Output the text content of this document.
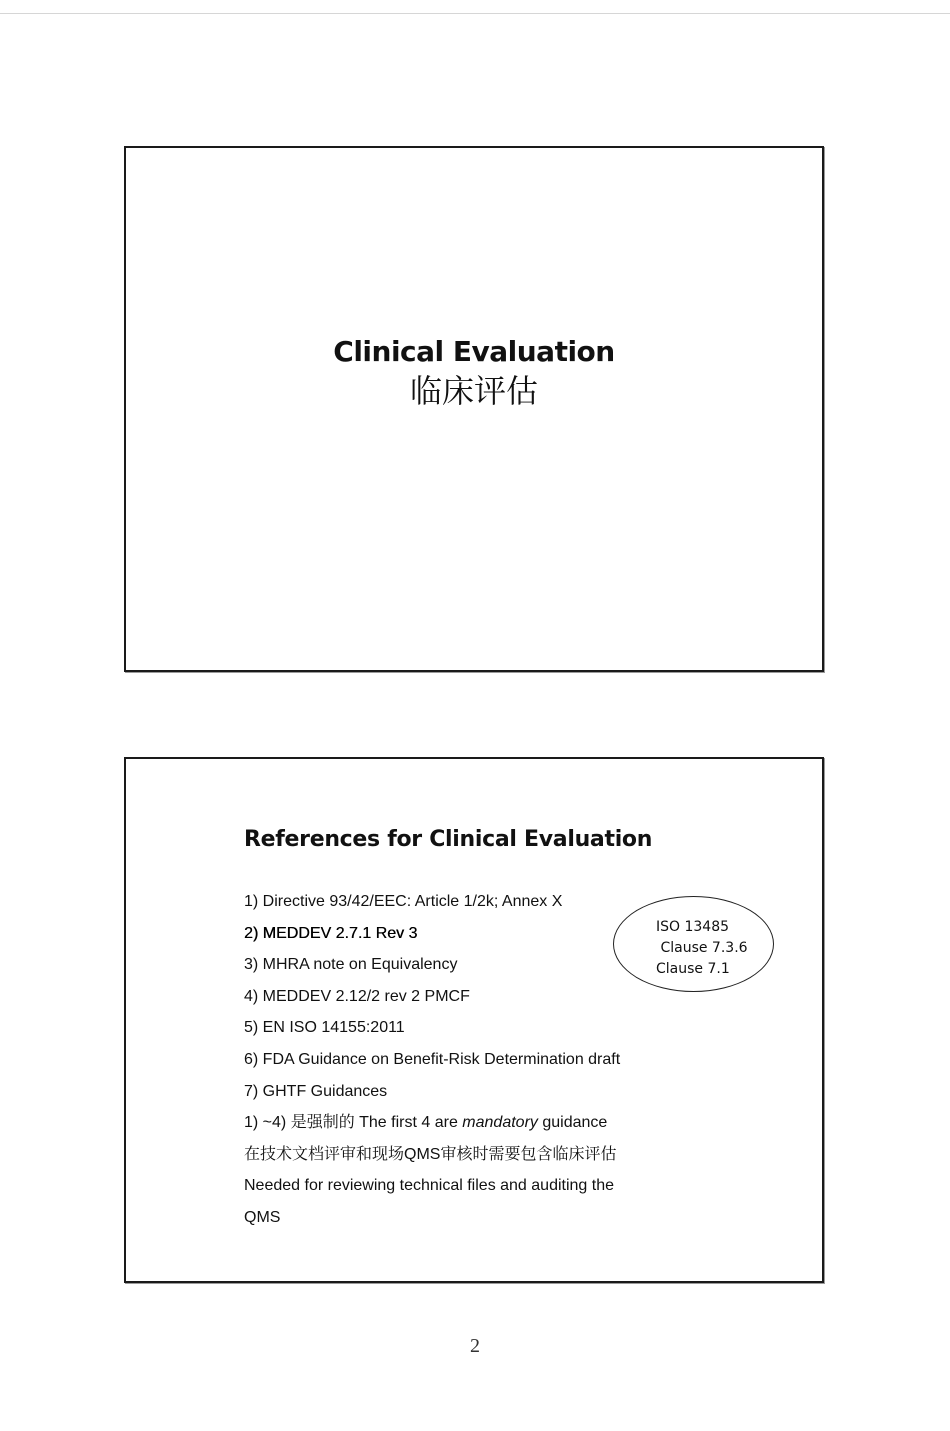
Clinical Evaluation
临床评估
References for Clinical Evaluation
1) Directive 93/42/EEC: Article 1/2k; Annex X
2) MEDDEV 2.7.1 Rev 3
3) MHRA note on Equivalency
4) MEDDEV 2.12/2 rev 2 PMCF
5) EN ISO 14155:2011
6) FDA Guidance on Benefit-Risk Determination draft
7) GHTF Guidances
1) ~4) 是强制的 The first 4 are mandatory guidance
在技术文档评审和现场QMS审核时需要包含临床评估
Needed for reviewing technical files and auditing the
QMS
ISO 13485
Clause 7.3.6
Clause 7.1
2
